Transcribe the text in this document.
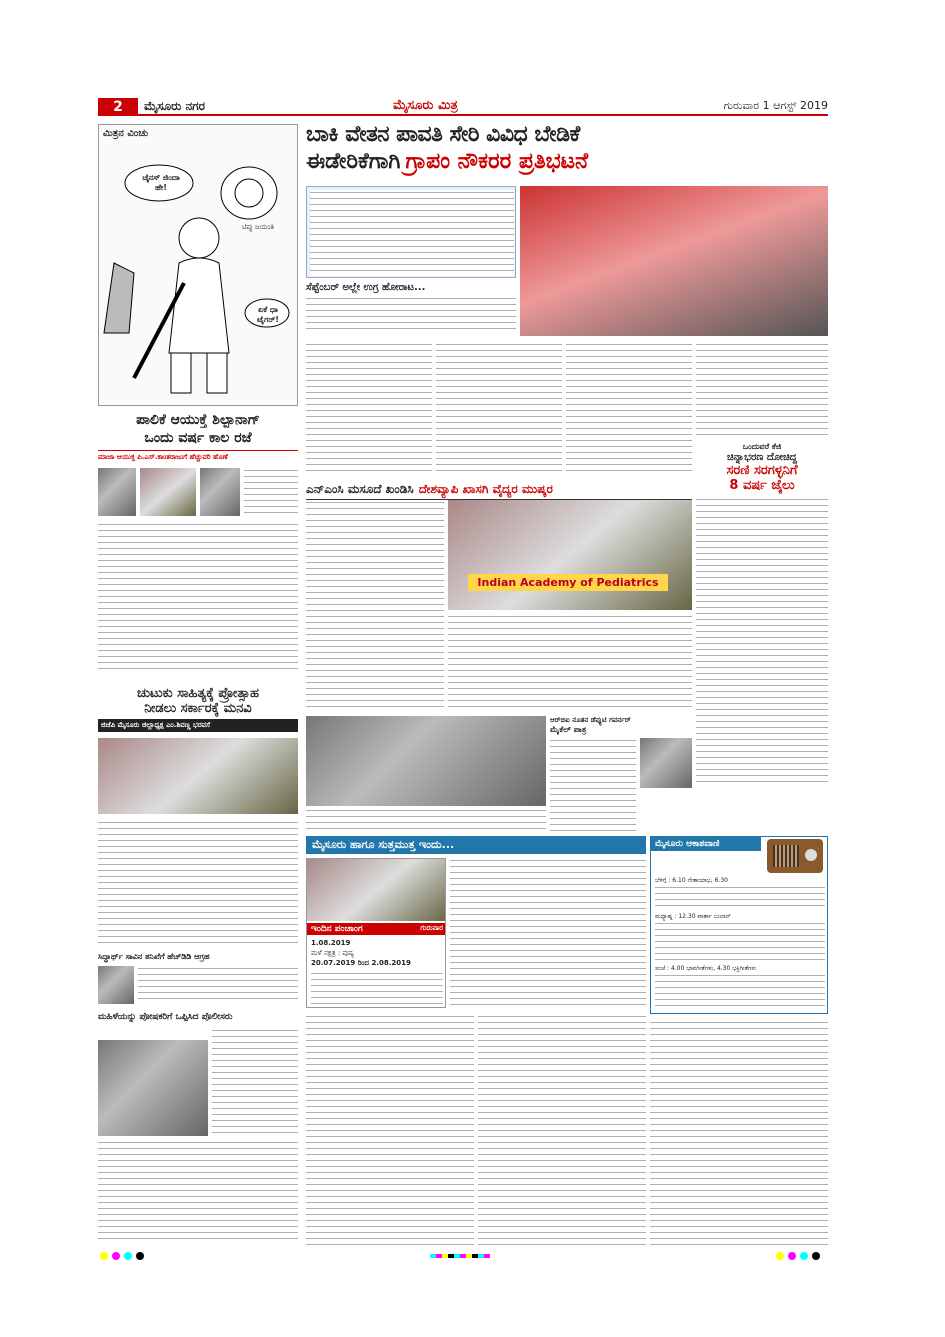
2	ಮೈಸೂರು ನಗರ	ಮೈಸೂರು ಮಿತ್ರ	ಗುರುವಾರ 1 ಆಗಸ್ಟ್ 2019
ಮಿತ್ರನ ವಿಂಚು
ಚೈನಸ್ ಜಿಂದಾ ಹೇ!
ಟಿಪ್ಪು ಜಯಂತಿ
ಏಕೆ ಧಾ ಟೈಗರ್!
ಪಾಲಿಕೆ ಆಯುಕ್ತೆ ಶಿಲ್ಪಾನಾಗ್
ಒಂದು ವರ್ಷ ಕಾಲ ರಜೆ
ಮಾಜಾ ಆಯುಕ್ತ ಪಿ.ಎಸ್.ಕಾಂತರಾಜುಗೆ ಹೆಚ್ಚುವರಿ ಹೊಣೆ
ಚುಟುಕು ಸಾಹಿತ್ಯಕ್ಕೆ ಪ್ರೋತ್ಸಾಹ
ನೀಡಲು ಸರ್ಕಾರಕ್ಕೆ ಮನವಿ
ಜಿಜೆಪಿ ಮೈಸೂರು ಜಿಲ್ಲಾಧ್ಯಕ್ಷ ಎಂ.ಶಿವಣ್ಣ ಭರವಸೆ
ಸಿದ್ಧಾರ್ಥ್ ಸಾವಿನ ತನಿಖೆಗೆ ಹೆಚ್‌ಡಿಡಿ ಆಗ್ರಹ
ಮಹಿಳೆಯನ್ನು ಪೋಷಕರಿಗೆ ಒಪ್ಪಿಸಿದ ಪೊಲೀಸರು
ಬಾಕಿ ವೇತನ ಪಾವತಿ ಸೇರಿ ವಿವಿಧ ಬೇಡಿಕೆ
ಈಡೇರಿಕೆಗಾಗಿ ಗ್ರಾಪಂ ನೌಕರರ ಪ್ರತಿಭಟನೆ
ಸೆಪ್ಟೆಂಬರ್ ಅಲ್ಲೇ ಉಗ್ರ ಹೋರಾಟ...
ಒಂದುವರೆ ಕೆಜಿ
ಚಿನ್ನಾಭರಣ ದೋಚಿದ್ದ
ಸರಣಿ ಸರಗಳ್ಳನಿಗೆ
8 ವರ್ಷ ಜೈಲು
ಎನ್‌ಎಂಸಿ ಮಸೂದೆ ಖಂಡಿಸಿ ದೇಶವ್ಯಾಪಿ ಖಾಸಗಿ ವೈದ್ಯರ ಮುಷ್ಕರ
Indian Academy of Pediatrics
ಆರ್‌ಬಿಐ ನೂತನ ಡೆಪ್ಯುಟಿ ಗವರ್ನರ್
ಮೈಕೆಲ್ ಪಾತ್ರ
ಮೈಸೂರು ಹಾಗೂ ಸುತ್ತಮುತ್ತ ಇಂದು...
ಇಂದಿನ ಪಂಚಾಂಗ	ಗುರುವಾರ
1.08.2019
ಮಳೆ ನಕ್ಷತ್ರ : ಪುಷ್ಯ
20.07.2019 ರಿಂದ 2.08.2019
ಮೈಸೂರು ಆಕಾಶವಾಣಿ
ಬೆಳಿಗ್ಗೆ : 6.10 ನೇತಾಯಾಭ, 6.30
ಮಧ್ಯಾಹ್ನ : 12.30 ವಾರ್ತಾ ಬುಲಾನ್
ಸಂಜೆ : 4.00 ಭಾವಗೀತೆಗಳು, 4.30 ಭಕ್ತಿಗೀತೆಗಳು
